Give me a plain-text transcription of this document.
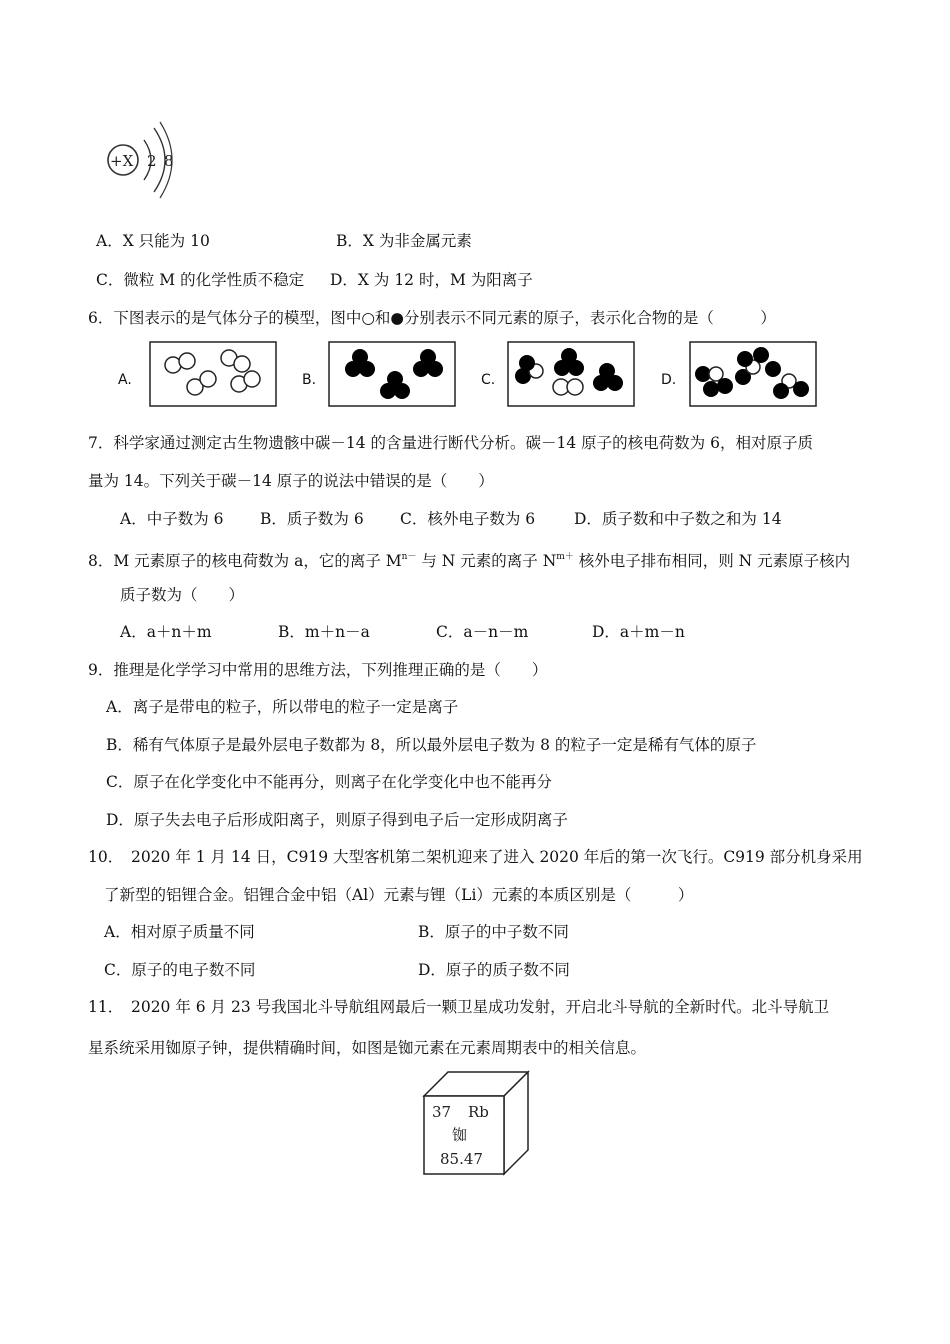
+X 2 8
A．X 只能为 10	B．X 为非金属元素
C．微粒 M 的化学性质不稳定 D．X 为 12 时，M 为阳离子
6．下图表示的是气体分子的模型，图中○和●分别表示不同元素的原子，表示化合物的是（　　　）
A.	B.	C.	D.
7．科学家通过测定古生物遗骸中碳－14 的含量进行断代分析。碳－14 原子的核电荷数为 6，相对原子质
量为 14。下列关于碳－14 原子的说法中错误的是（　　）
A．中子数为 6 B．质子数为 6 C．核外电子数为 6	D．质子数和中子数之和为 14
8．M 元素原子的核电荷数为 a，它的离子 $M^{n-}$ 与 N 元素的离子 $N^{m+}$ 核外电子排布相同，则 N 元素原子核内
质子数为（　　）
A．a＋n＋m	B．m＋n－a	C．a－n－m	D．a＋m－n
9．推理是化学学习中常用的思维方法，下列推理正确的是（　　）
A．离子是带电的粒子，所以带电的粒子一定是离子
B．稀有气体原子是最外层电子数都为 8，所以最外层电子数为 8 的粒子一定是稀有气体的原子
C．原子在化学变化中不能再分，则离子在化学变化中也不能再分
D．原子失去电子后形成阳离子，则原子得到电子后一定形成阴离子
10．　2020 年 1 月 14 日，C919 大型客机第二架机迎来了进入 2020 年后的第一次飞行。C919 部分机身采用
了新型的铝锂合金。铝锂合金中铝（Al）元素与锂（Li）元素的本质区别是（　　　）
A．相对原子质量不同	B．原子的中子数不同
C．原子的电子数不同	D．原子的质子数不同
11．　2020 年 6 月 23 号我国北斗导航组网最后一颗卫星成功发射，开启北斗导航的全新时代。北斗导航卫
星系统采用铷原子钟，提供精确时间，如图是铷元素在元素周期表中的相关信息。
37 Rb
铷
85.47
